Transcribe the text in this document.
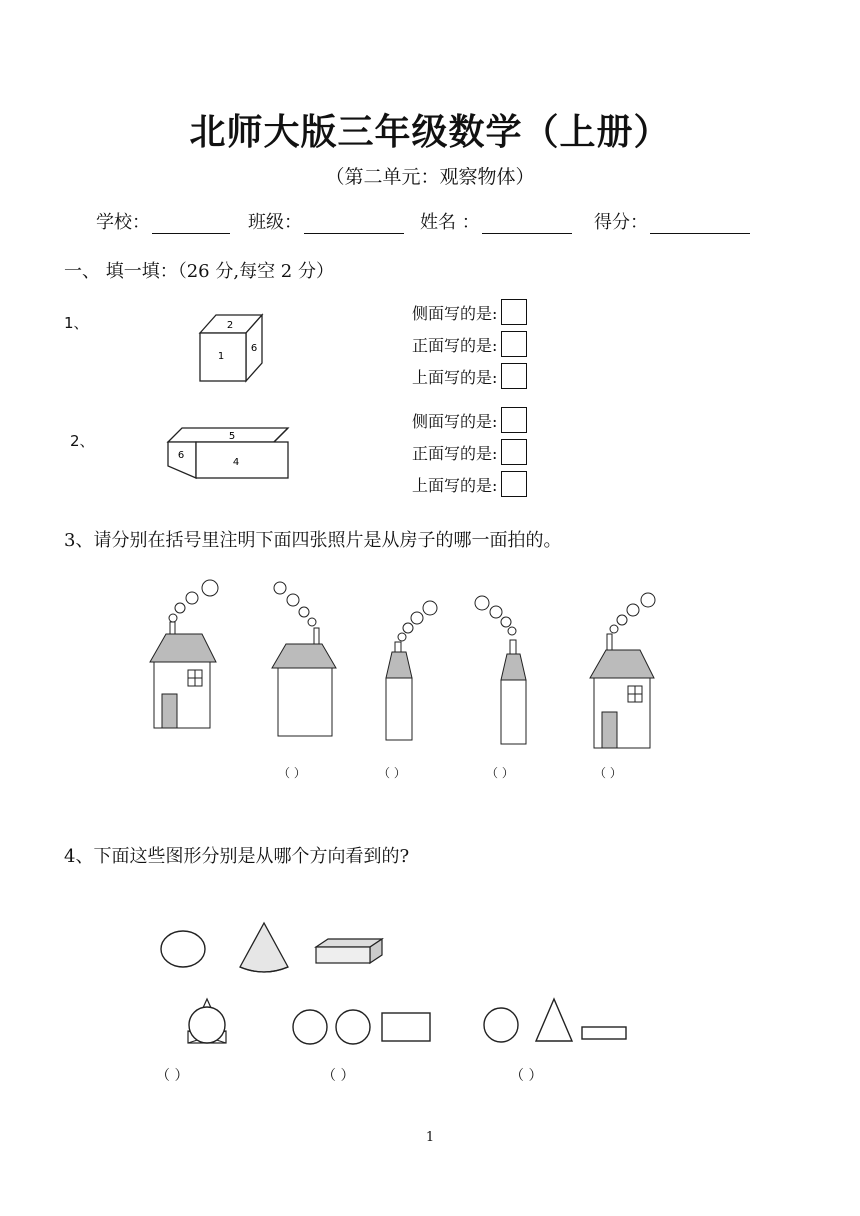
北师大版三年级数学（上册）
（第二单元：观察物体）
学校：	班级：	姓名 ：	得分：
一、 填一填：（26 分,每空 2 分）
1、	2
1
6
侧面写的是:
正面写的是:
上面写的是:
2、	5
4
6
侧面写的是:
正面写的是:
上面写的是:
3、请分别在括号里注明下面四张照片是从房子的哪一面拍的。
（ ）	（ ）	（ ）	（ ）
4、下面这些图形分别是从哪个方向看到的?
（ ）	（ ）	（ ）
1
